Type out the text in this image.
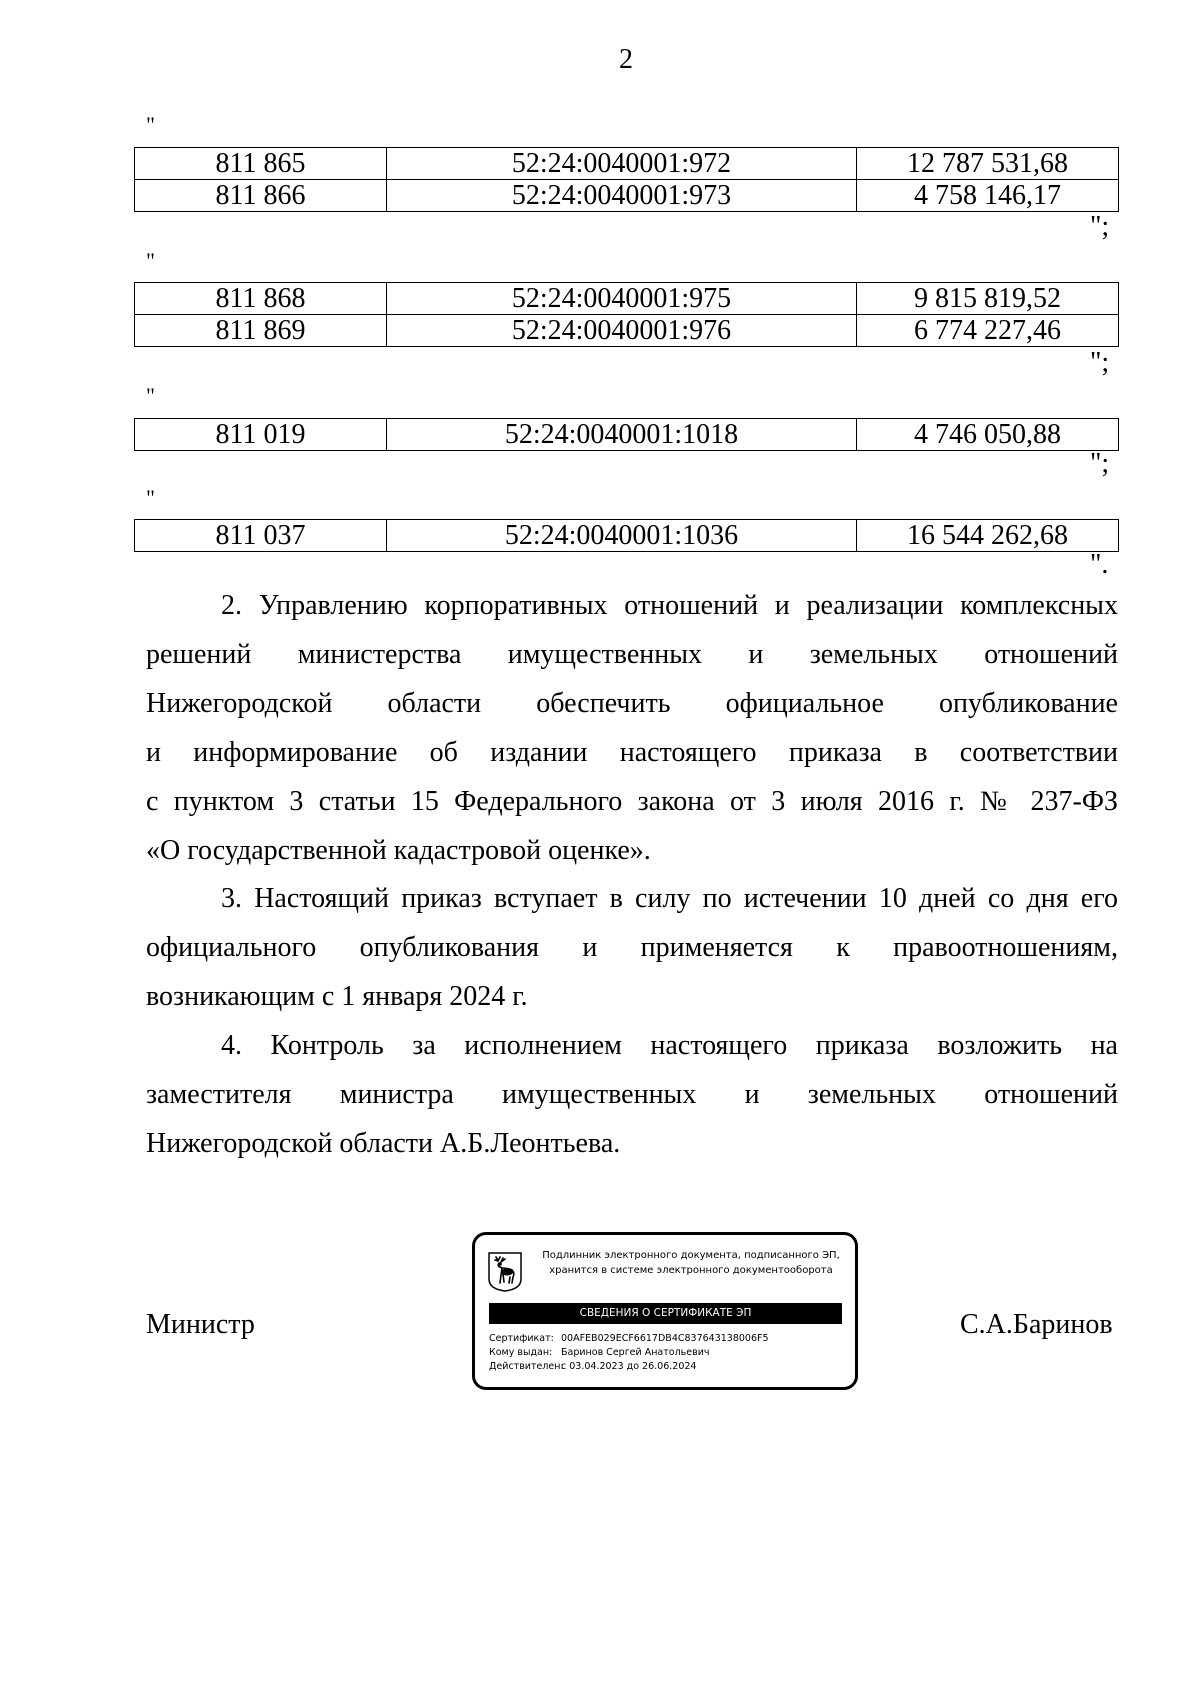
2
"
811 865	52:24:0040001:972	12 787 531,68
811 866	52:24:0040001:973	4 758 146,17
";
"
811 868	52:24:0040001:975	9 815 819,52
811 869	52:24:0040001:976	6 774 227,46
";
"
811 019	52:24:0040001:1018	4 746 050,88
";
"
811 037	52:24:0040001:1036	16 544 262,68
".
2. Управлению корпоративных отношений и реализации комплексных
решений министерства имущественных и земельных отношений
Нижегородской области обеспечить официальное опубликование
и информирование об издании настоящего приказа в соответствии
с пунктом 3 статьи 15 Федерального закона от 3 июля 2016 г. № 237-ФЗ
«О государственной кадастровой оценке».
3. Настоящий приказ вступает в силу по истечении 10 дней со дня его
официального опубликования и применяется к правоотношениям,
возникающим с 1 января 2024 г.
4. Контроль за исполнением настоящего приказа возложить на
заместителя министра имущественных и земельных отношений
Нижегородской области А.Б.Леонтьева.
Министр	С.А.Баринов
Подлинник электронного документа, подписанного ЭП,
хранится в системе электронного документооборота
СВЕДЕНИЯ О СЕРТИФИКАТЕ ЭП
Сертификат: 00AFEB029ECF6617DB4C837643138006F5
Кому выдан: Баринов Сергей Анатольевич
Действителен:с 03.04.2023 до 26.06.2024
